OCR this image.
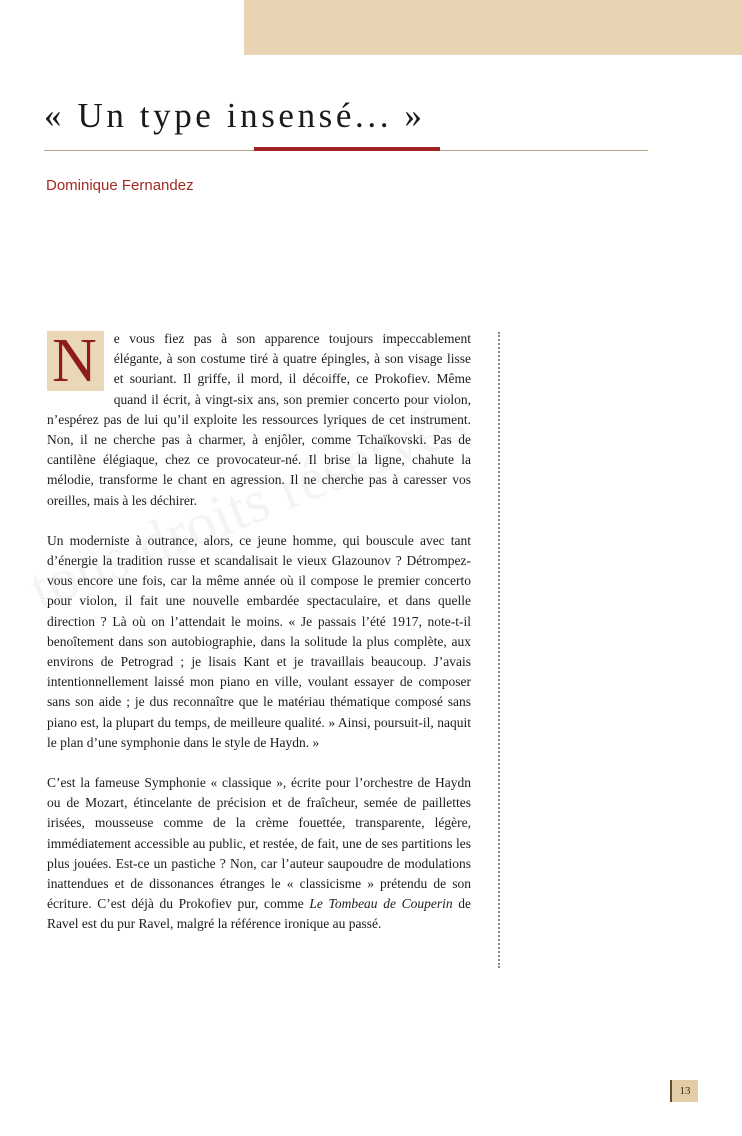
« Un type insensé... »
Dominique Fernandez

N	e vous fiez pas à son apparence toujours impeccablement élégante, à son costume tiré à quatre épingles, à son visage lisse et souriant. Il griffe, il mord, il décoiffe, ce Prokofiev. Même quand il écrit, à vingt-six ans, son premier concerto pour violon, n’espérez pas de lui qu’il exploite les ressources lyriques de cet instrument. Non, il ne cherche pas à charmer, à enjôler, comme Tchaïkovski. Pas de cantilène élégiaque, chez ce provocateur-né. Il brise la ligne, chahute la mélodie, transforme le chant en agression. Il ne cherche pas à caresser vos oreilles, mais à les déchirer.

Un moderniste à outrance, alors, ce jeune homme, qui bouscule avec tant d’énergie la tradition russe et scandalisait le vieux Glazounov ? Détrompez-vous encore une fois, car la même année où il compose le premier concerto pour violon, il fait une nouvelle embardée spectaculaire, et dans quelle direction ? Là où on l’attendait le moins. « Je passais l’été 1917, note-t-il benoîtement dans son autobiographie, dans la solitude la plus complète, aux environs de Petrograd ; je lisais Kant et je travaillais beaucoup. J’avais intentionnellement laissé mon piano en ville, voulant essayer de composer sans son aide ; je dus reconnaître que le matériau thématique composé sans piano est, la plupart du temps, de meilleure qualité. » Ainsi, poursuit-il, naquit le plan d’une symphonie dans le style de Haydn. »

C’est la fameuse Symphonie « classique », écrite pour l’orchestre de Haydn ou de Mozart, étincelante de précision et de fraîcheur, semée de paillettes irisées, mousseuse comme de la crème fouettée, transparente, légère, immédiatement accessible au public, et restée, de fait, une de ses partitions les plus jouées. Est-ce un pastiche ? Non, car l’auteur saupoudre de modulations inattendues et de dissonances étranges le « classicisme » prétendu de son écriture. C’est déjà du Prokofiev pur, comme Le Tombeau de Couperin de Ravel est du pur Ravel, malgré la référence ironique au passé.

13
